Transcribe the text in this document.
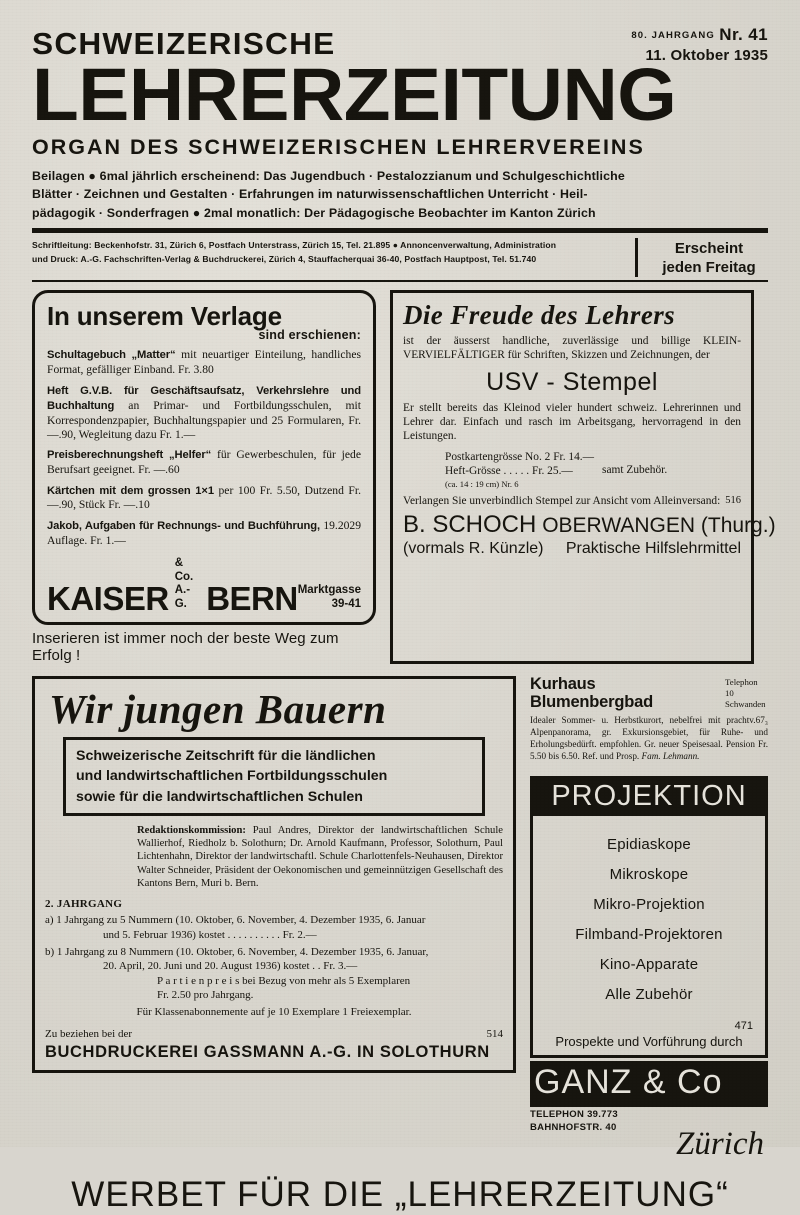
SCHWEIZERISCHE	80. JAHRGANG Nr. 41
11. Oktober 1935
LEHRERZEITUNG
ORGAN DES SCHWEIZERISCHEN LEHRERVEREINS
Beilagen ● 6mal jährlich erscheinend: Das Jugendbuch · Pestalozzianum und Schulgeschichtliche
Blätter · Zeichnen und Gestalten · Erfahrungen im naturwissenschaftlichen Unterricht · Heil-
pädagogik · Sonderfragen ● 2mal monatlich: Der Pädagogische Beobachter im Kanton Zürich
Schriftleitung: Beckenhofstr. 31, Zürich 6, Postfach Unterstrass, Zürich 15, Tel. 21.895 ● Annoncenverwaltung, Administration
und Druck: A.-G. Fachschriften-Verlag & Buchdruckerei, Zürich 4, Stauffacherquai 36-40, Postfach Hauptpost, Tel. 51.740
Erscheint
jeden Freitag
In unserem Verlage
sind erschienen:
Schultagebuch „Matter“ mit neuartiger Einteilung, handliches Format, gefälliger Einband. Fr. 3.80
Heft G.V.B. für Geschäftsaufsatz, Verkehrslehre und Buchhaltung an Primar- und Fortbildungsschulen, mit Korrespondenzpapier, Buchhaltungspapier und 25 Formularen, Fr. —.90, Wegleitung dazu Fr. 1.—
Preisberechnungsheft „Helfer“ für Gewerbeschulen, für jede Berufsart geeignet. Fr. —.60
Kärtchen mit dem grossen 1×1 per 100 Fr. 5.50, Dutzend Fr. —.90, Stück Fr. —.10
2029
Jakob, Aufgaben für Rechnungs- und Buchführung, 19. Auflage. Fr. 1.—
KAISER
& Co.
A.-G. BERN Marktgasse
39-41
Inserieren ist immer noch der beste Weg zum Erfolg !
Die Freude des Lehrers
ist der äusserst handliche, zuverlässige und billige KLEIN-VERVIELFÄLTIGER für Schriften, Skizzen und Zeichnungen, der
USV - Stempel
Er stellt bereits das Kleinod vieler hundert schweiz. Lehrerinnen und Lehrer dar. Einfach und rasch im Arbeitsgang, hervorragend in den Leistungen.
Postkartengrösse No. 2 Fr. 14.—
Heft-Grösse . . . . . Fr. 25.—
(ca. 14 : 19 cm) Nr. 6
samt Zubehör.
516
Verlangen Sie unverbindlich Stempel zur Ansicht vom Alleinversand:
B. SCHOCH OBERWANGEN (Thurg.)
(vormals R. Künzle) Praktische Hilfslehrmittel
Wir jungen Bauern
Schweizerische Zeitschrift für die ländlichen
und landwirtschaftlichen Fortbildungsschulen
sowie für die landwirtschaftlichen Schulen
Redaktionskommission: Paul Andres, Direktor der landwirtschaftlichen Schule Wallierhof, Riedholz b. Solothurn; Dr. Arnold Kaufmann, Professor, Solothurn, Paul Lichtenhahn, Direktor der landwirtschaftl. Schule Charlottenfels-Neuhausen, Direktor Walter Schneider, Präsident der Oekonomischen und gemeinnützigen Gesellschaft des Kantons Bern, Muri b. Bern.
2. JAHRGANG
a) 1 Jahrgang zu 5 Nummern (10. Oktober, 6. November, 4. Dezember 1935, 6. Januar
und 5. Februar 1936) kostet . . . . . . . . . . Fr. 2.—
b) 1 Jahrgang zu 8 Nummern (10. Oktober, 6. November, 4. Dezember 1935, 6. Januar,
20. April, 20. Juni und 20. August 1936) kostet . . Fr. 3.—
P a r t i e n p r e i s bei Bezug von mehr als 5 Exemplaren
Fr. 2.50 pro Jahrgang.
Für Klassenabonnemente auf je 10 Exemplare 1 Freiexemplar.
514
Zu beziehen bei der
BUCHDRUCKEREI GASSMANN A.-G. IN SOLOTHURN
Kurhaus Blumenbergbad
Telephon 10
Schwanden
67₃
Idealer Sommer- u. Herbstkurort, nebelfrei mit prachtv. Alpenpanorama, gr. Exkursionsgebiet, für Ruhe- und Erholungsbedürft. empfohlen. Gr. neuer Speisesaal. Pension Fr. 5.50 bis 6.50. Ref. und Prosp. Fam. Lehmann.
PROJEKTION
Epidiaskope
Mikroskope
Mikro-Projektion
Filmband-Projektoren
Kino-Apparate
Alle Zubehör
471
Prospekte und Vorführung durch
GANZ & Co
Zürich
TELEPHON 39.773
BAHNHOFSTR. 40
WERBET FÜR DIE „LEHRERZEITUNG“
